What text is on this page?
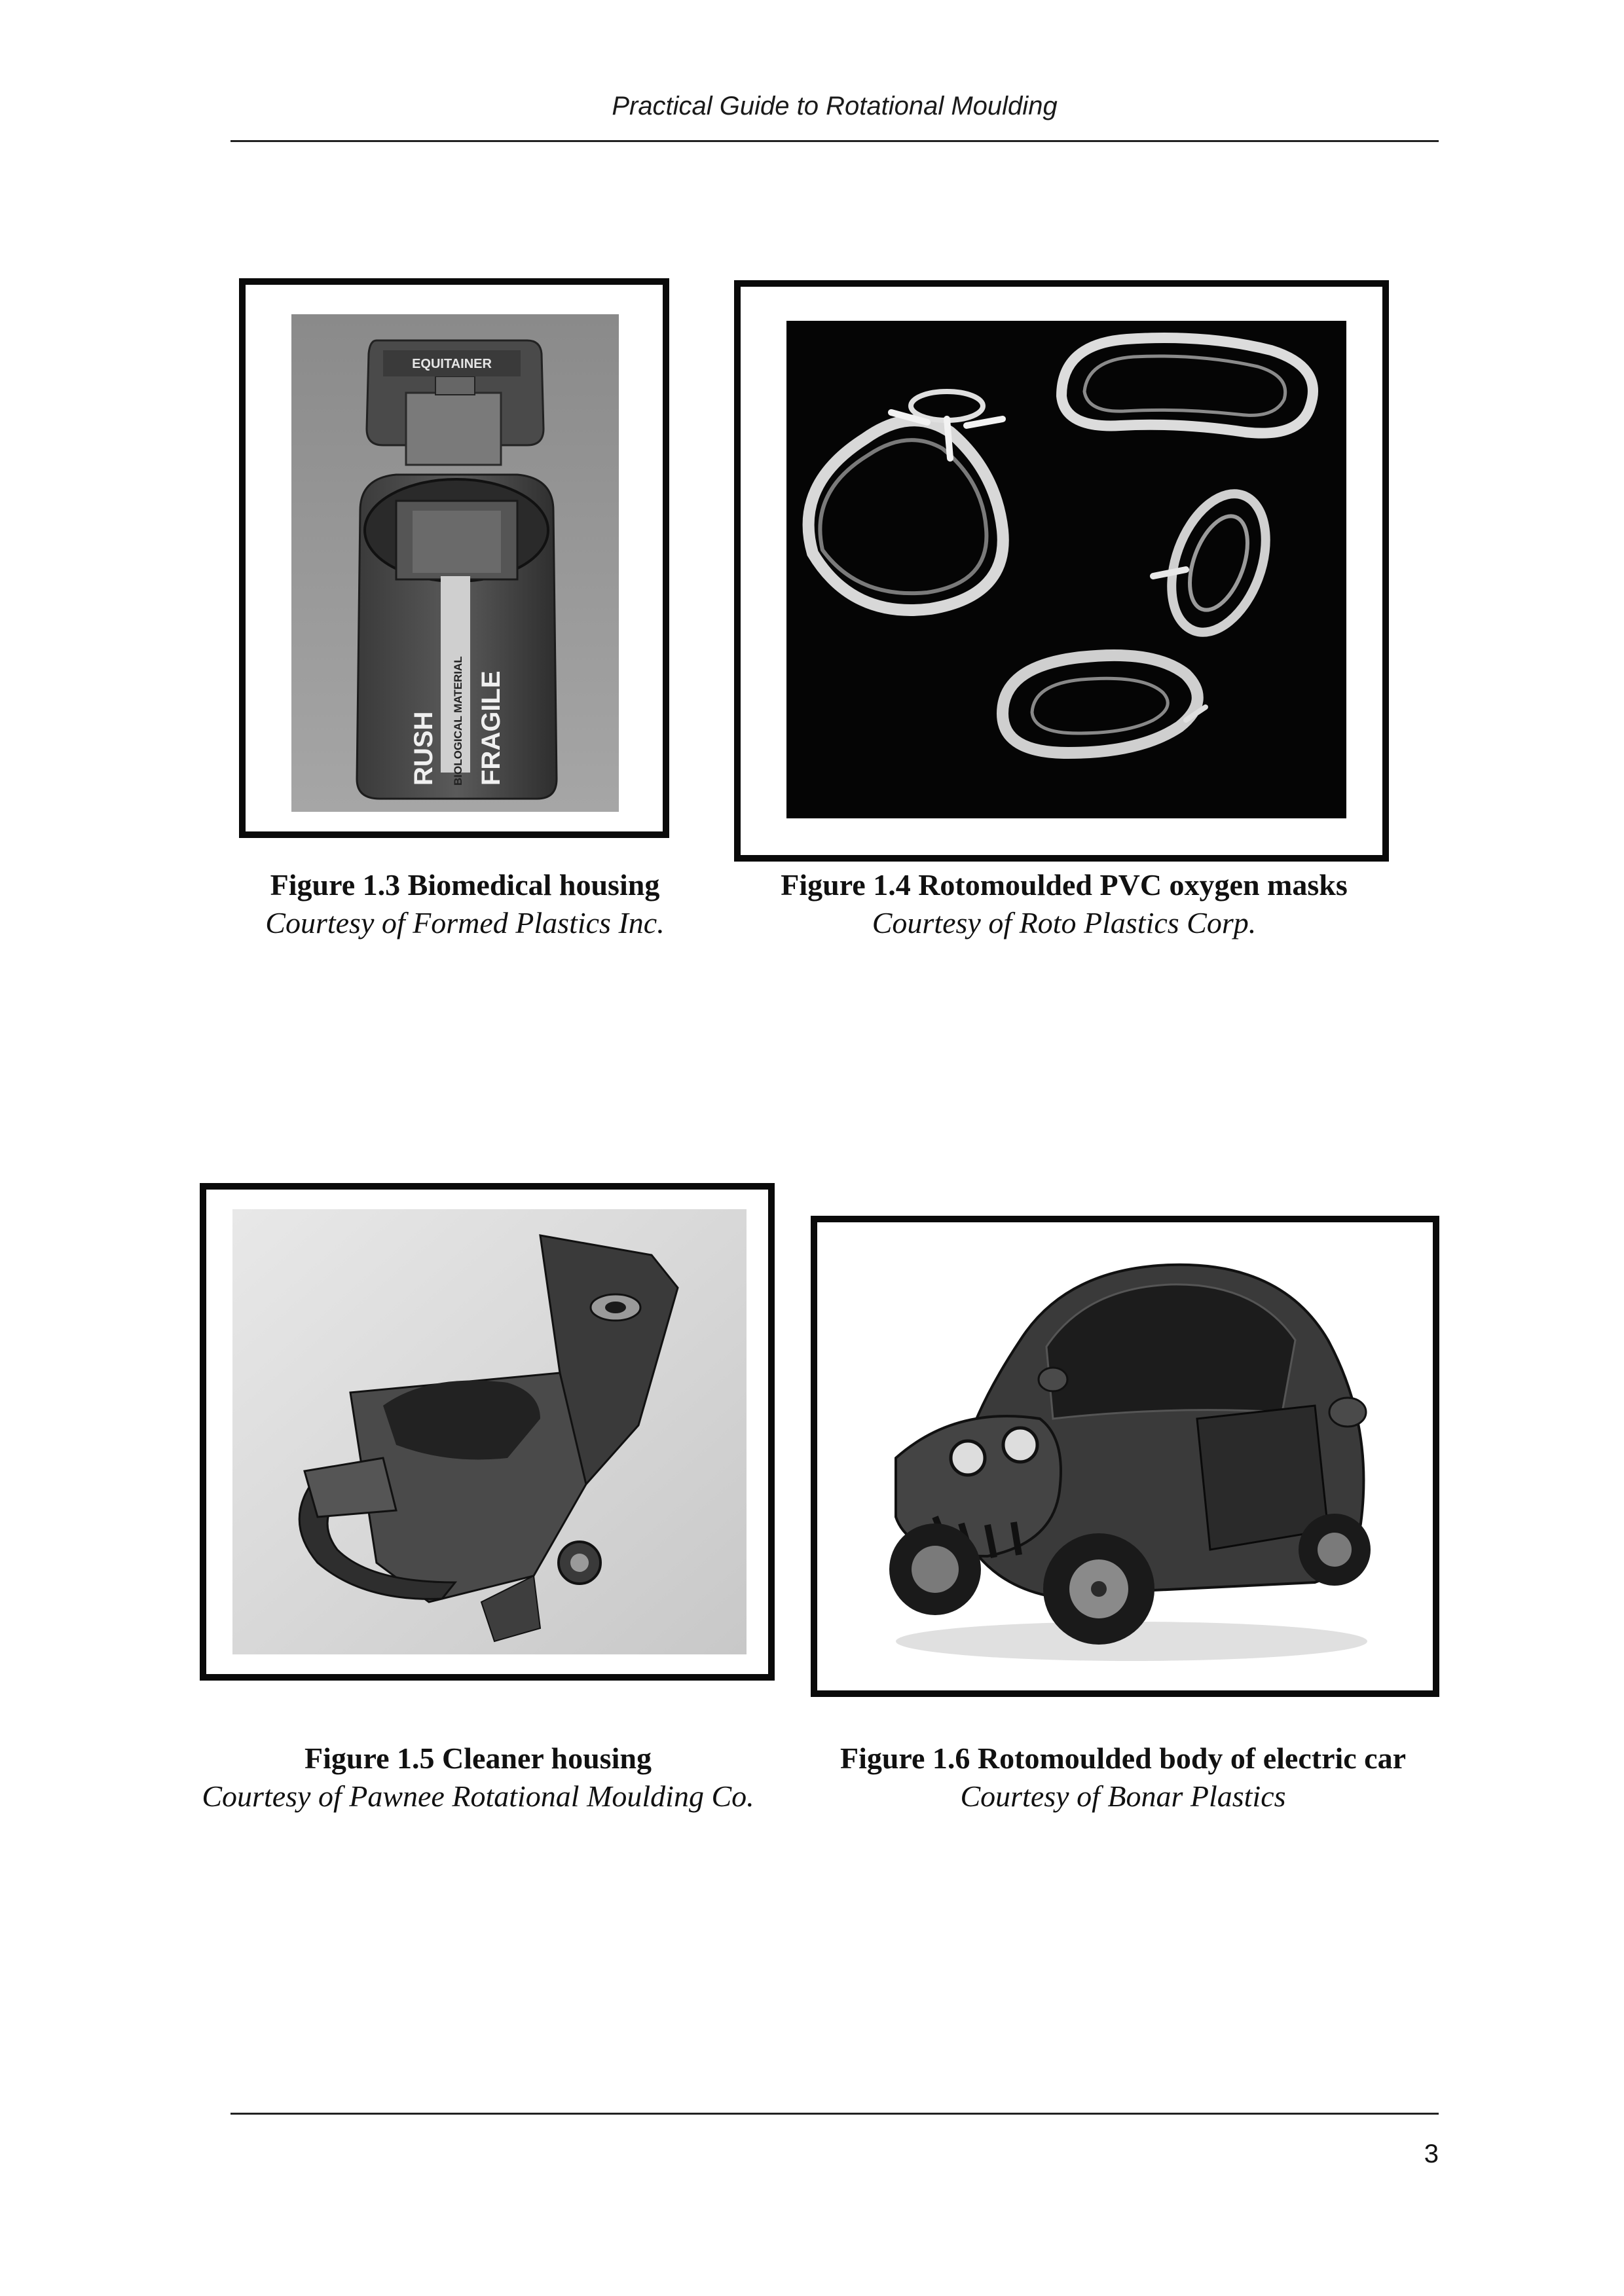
Practical Guide to Rotational Moulding
EQUITAINER
RUSH BIOLOGICAL MATERIAL FRAGILE
Figure 1.3 Biomedical housing
Courtesy of Formed Plastics Inc.
Figure 1.4 Rotomoulded PVC oxygen masks
Courtesy of Roto Plastics Corp.
Figure 1.5 Cleaner housing
Courtesy of Pawnee Rotational Moulding Co.
Figure 1.6 Rotomoulded body of electric car
Courtesy of Bonar Plastics
3
